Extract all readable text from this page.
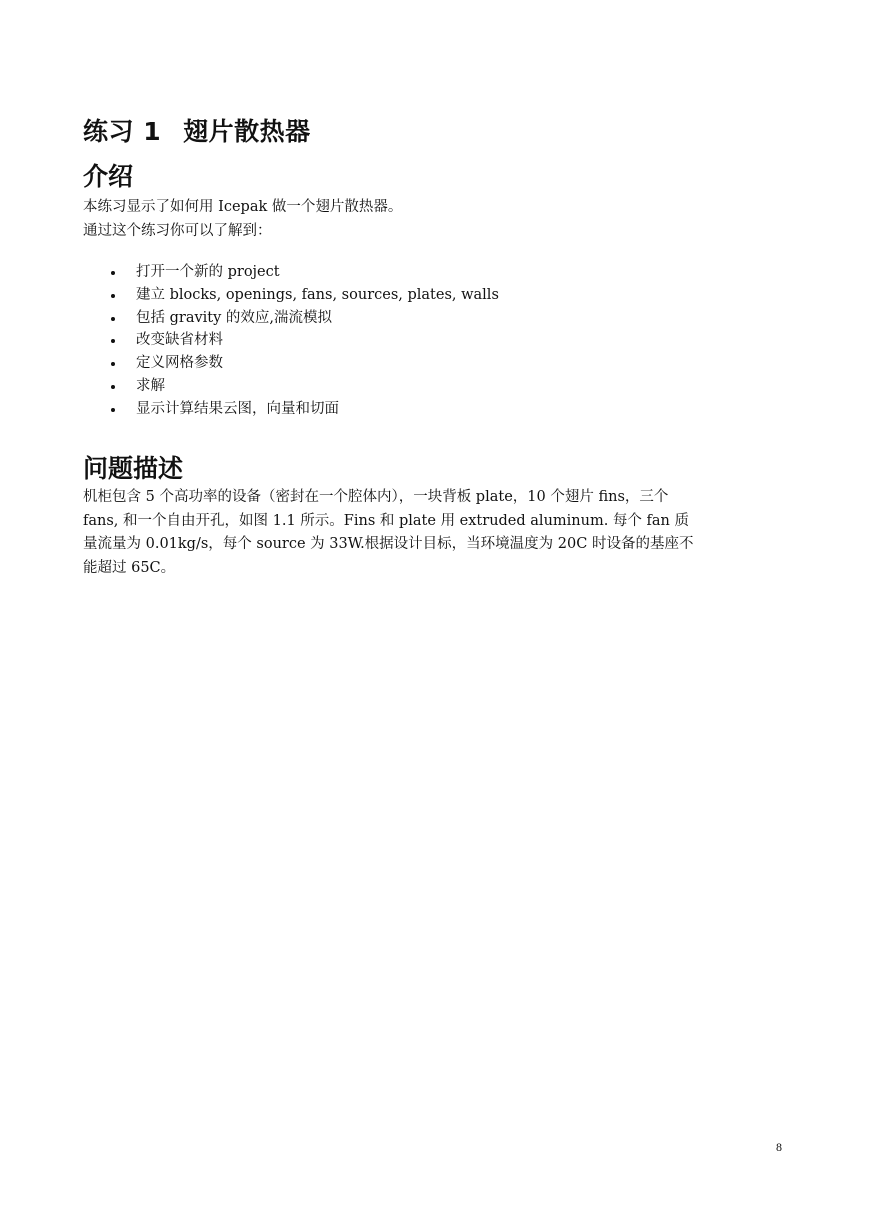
练习 1 翅片散热器
介绍

本练习显示了如何用 Icepak 做一个翅片散热器。
通过这个练习你可以了解到：

打开一个新的 project
建立 blocks, openings, fans, sources, plates, walls
包括 gravity 的效应,湍流模拟
改变缺省材料
定义网格参数
求解
显示计算结果云图，向量和切面
问题描述

机柜包含 5 个高功率的设备（密封在一个腔体内），一块背板 plate，10 个翅片 fins，三个
fans, 和一个自由开孔，如图 1.1 所示。Fins 和 plate 用 extruded aluminum. 每个 fan 质
量流量为 0.01kg/s，每个 source 为 33W.根据设计目标，当环境温度为 20C 时设备的基座不
能超过 65C。

8
